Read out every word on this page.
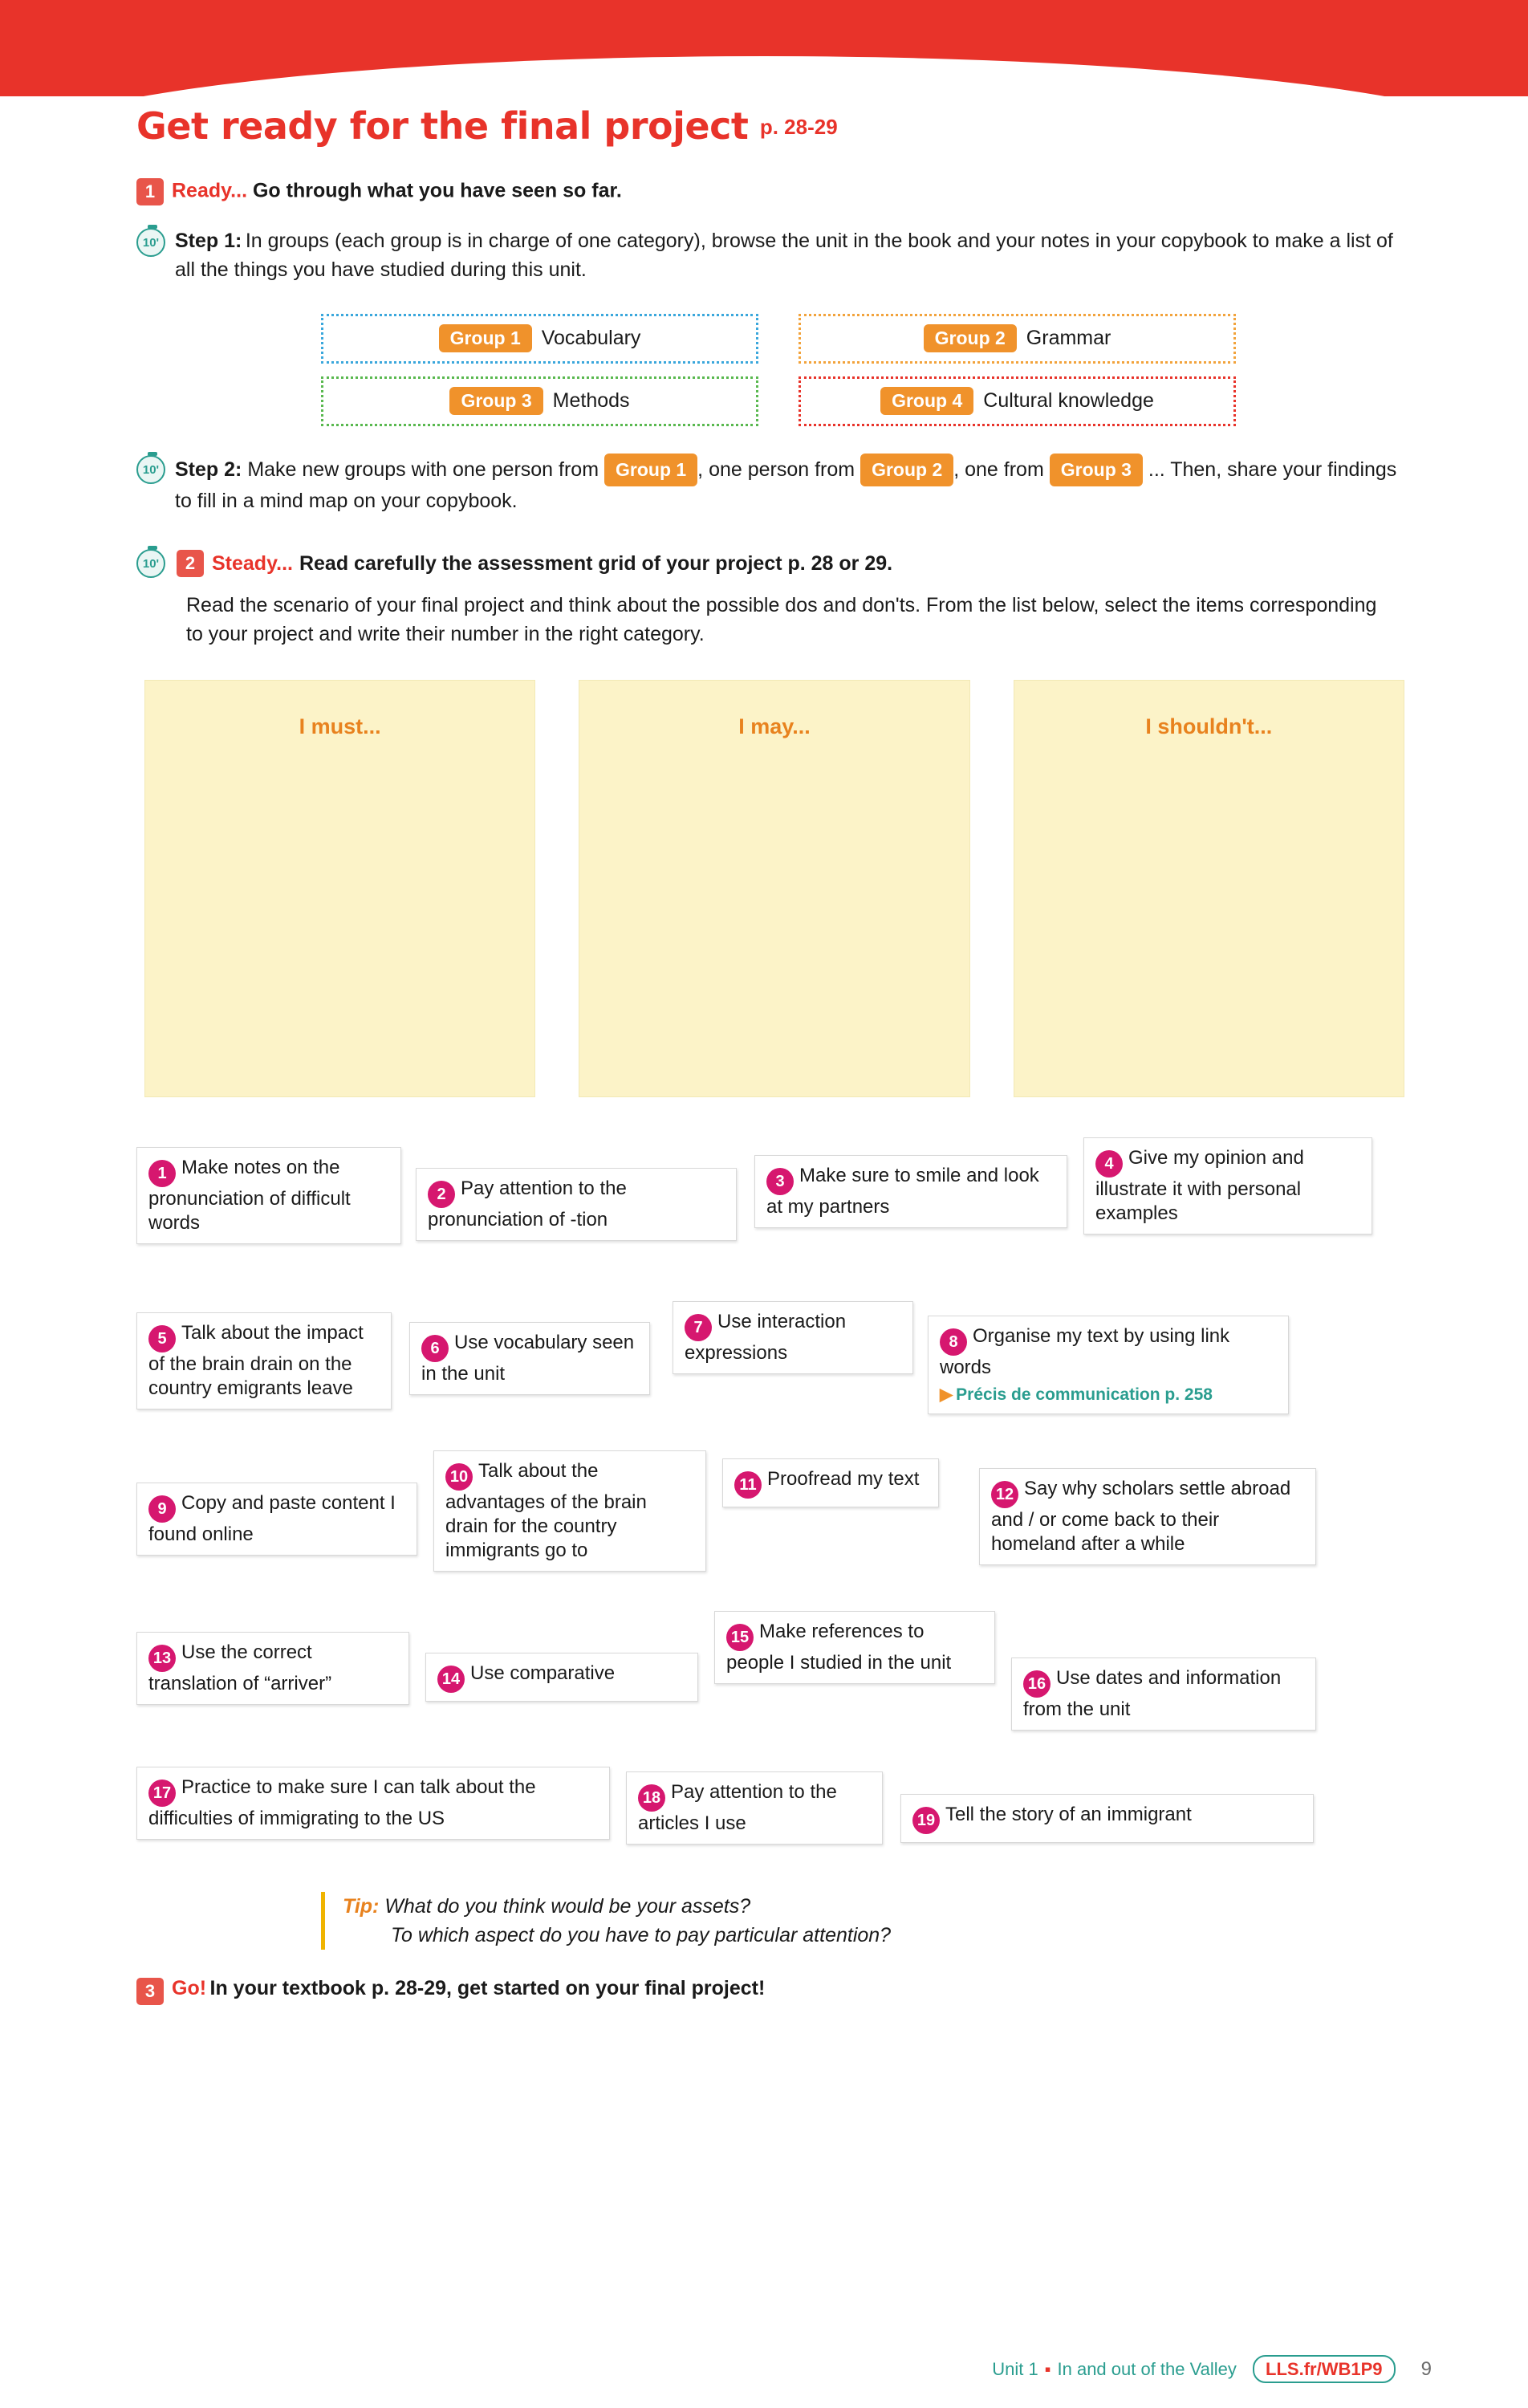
Get ready for the final project p. 28-29
1 Ready... Go through what you have seen so far.
10' Step 1: In groups (each group is in charge of one category), browse the unit in the book and your notes in your copybook to make a list of all the things you have studied during this unit.
Group 1	Vocabulary	Group 2	Grammar
Group 3	Methods	Group 4	Cultural knowledge
10' Step 2: Make new groups with one person from Group 1 , one person from Group 2 , one from Group 3 ... Then, share your findings to fill in a mind map on your copybook.
10'	2 Steady... Read carefully the assessment grid of your project p. 28 or 29.
Read the scenario of your final project and think about the possible dos and don'ts. From the list below, select the items corresponding to your project and write their number in the right category.
I must...	I may...	I shouldn't...
1 Make notes on the pronunciation of difficult words
2 Pay attention to the pronunciation of -tion
3 Make sure to smile and look at my partners
4 Give my opinion and illustrate it with personal examples
5 Talk about the impact of the brain drain on the country emigrants leave
6 Use vocabulary seen in the unit
7 Use interaction expressions	8 Organise my text by using link words
▶ Précis de communication p. 258
9 Copy and paste content I found online
10 Talk about the advantages of the brain drain for the country immigrants go to
11 Proofread my text
12 Say why scholars settle abroad and / or come back to their homeland after a while
13 Use the correct translation of “arriver”	14 Use comparative
15 Make references to people I studied in the unit
16 Use dates and information from the unit
17 Practice to make sure I can talk about the difficulties of immigrating to the US
18 Pay attention to the articles I use	19 Tell the story of an immigrant
Tip: What do you think would be your assets?
To which aspect do you have to pay particular attention?
3 Go! In your textbook p. 28-29, get started on your final project!
Unit 1 ▪ In and out of the Valley LLS.fr/WB1P9 9
